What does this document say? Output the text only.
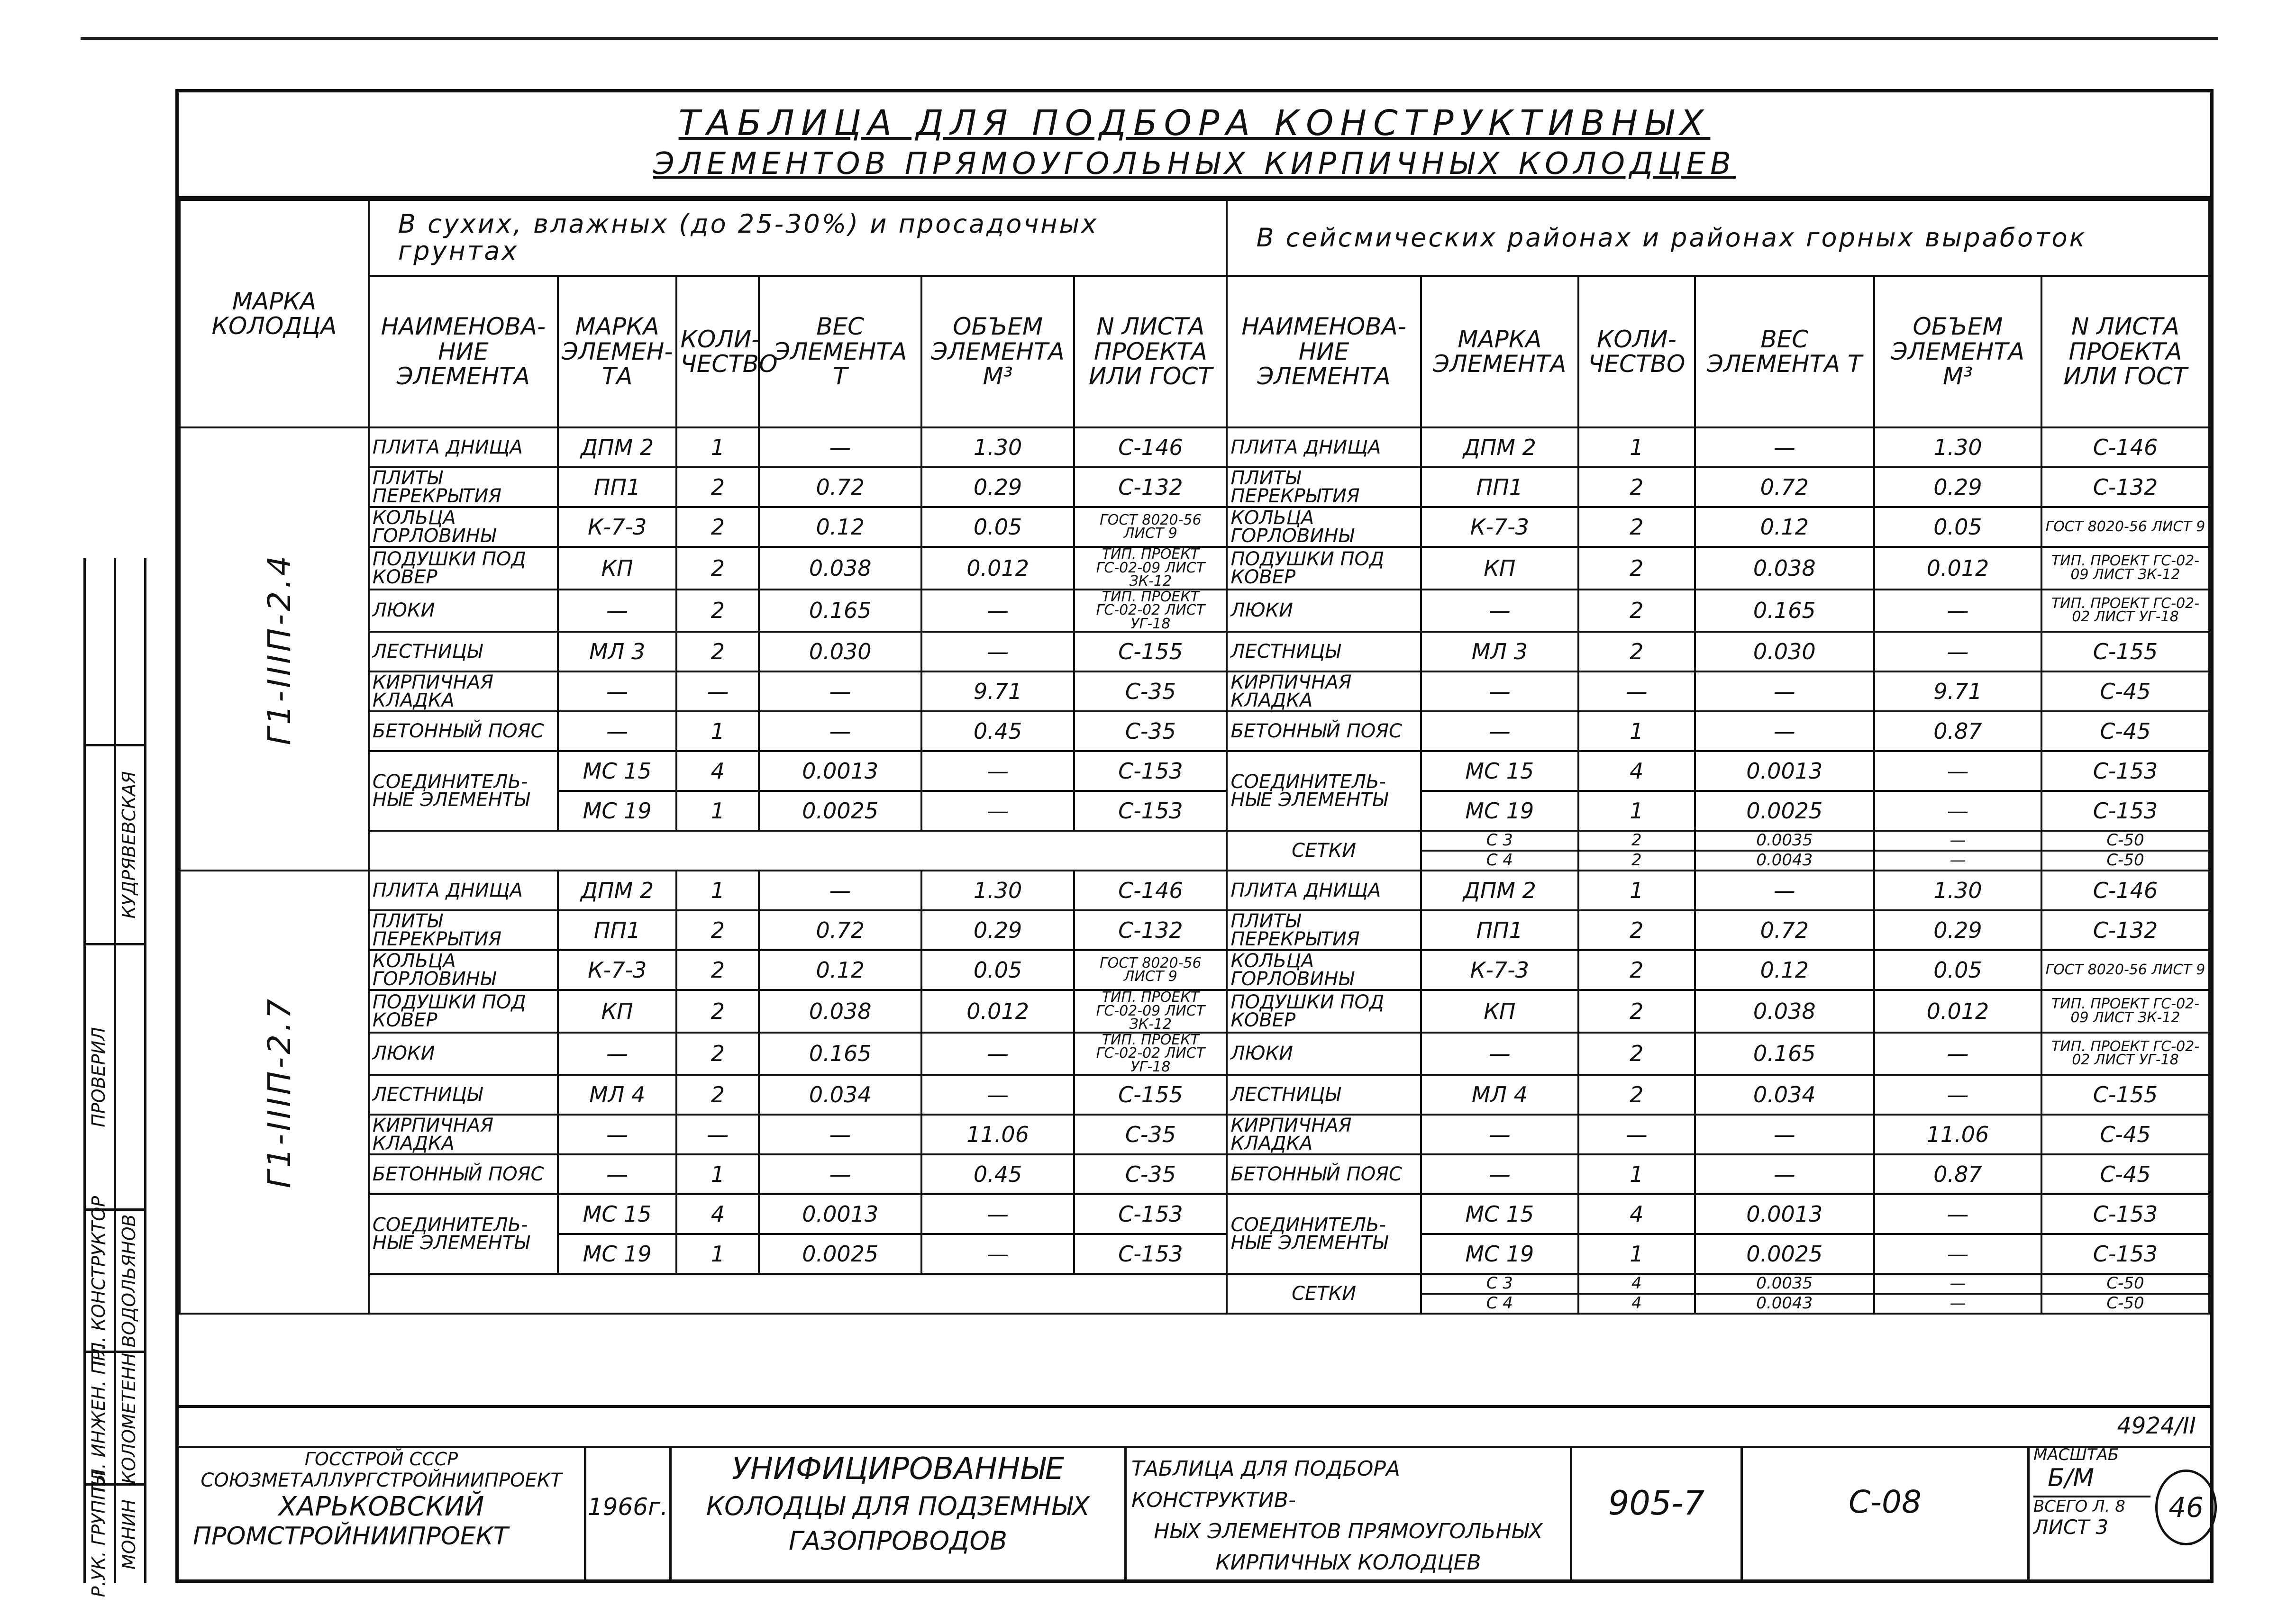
ТАБЛИЦА ДЛЯ ПОДБОРА КОНСТРУКТИВНЫХ
ЭЛЕМЕНТОВ ПРЯМОУГОЛЬНЫХ КИРПИЧНЫХ КОЛОДЦЕВ
МАРКА КОЛОДЦА	В сухих, влажных (до 25-30%) и просадочных грунтах						В сейсмических районах и районах горных выработок					
	НАИМЕНОВА-НИЕ ЭЛЕМЕНТА	МАРКА ЭЛЕМЕН-ТА	КОЛИ-ЧЕСТВО	ВЕС ЭЛЕМЕНТА Т	ОБЪЕМ ЭЛЕМЕНТА М³	N ЛИСТА ПРОЕКТА ИЛИ ГОСТ	НАИМЕНОВА-НИЕ ЭЛЕМЕНТА	МАРКА ЭЛЕМЕНТА	КОЛИ-ЧЕСТВО	ВЕС ЭЛЕМЕНТА Т	ОБЪЕМ ЭЛЕМЕНТА М³	N ЛИСТА ПРОЕКТА ИЛИ ГОСТ
Г1-IIIП-2.4	ПЛИТА ДНИЩА	ДПМ 2	1	—	1.30	С-146	ПЛИТА ДНИЩА	ДПМ 2	1	—	1.30	С-146
	ПЛИТЫ ПЕРЕКРЫТИЯ	ПП1	2	0.72	0.29	С-132	ПЛИТЫ ПЕРЕКРЫТИЯ	ПП1	2	0.72	0.29	С-132
	КОЛЬЦА ГОРЛОВИНЫ	К-7-3	2	0.12	0.05	ГОСТ 8020-56 ЛИСТ 9	КОЛЬЦА ГОРЛОВИНЫ	К-7-3	2	0.12	0.05	ГОСТ 8020-56 ЛИСТ 9
	ПОДУШКИ ПОД КОВЕР	КП	2	0.038	0.012	ТИП. ПРОЕКТ ГС-02-09 ЛИСТ ЗК-12	ПОДУШКИ ПОД КОВЕР	КП	2	0.038	0.012	ТИП. ПРОЕКТ ГС-02-09 ЛИСТ ЗК-12
	ЛЮКИ	—	2	0.165	—	ТИП. ПРОЕКТ ГС-02-02 ЛИСТ УГ-18	ЛЮКИ	—	2	0.165	—	ТИП. ПРОЕКТ ГС-02-02 ЛИСТ УГ-18
	ЛЕСТНИЦЫ	МЛ 3	2	0.030	—	С-155	ЛЕСТНИЦЫ	МЛ 3	2	0.030	—	С-155
	КИРПИЧНАЯ КЛАДКА	—	—	—	9.71	С-35	КИРПИЧНАЯ КЛАДКА	—	—	—	9.71	С-45
	БЕТОННЫЙ ПОЯС	—	1	—	0.45	С-35	БЕТОННЫЙ ПОЯС	—	1	—	0.87	С-45
	СОЕДИНИТЕЛЬ-НЫЕ ЭЛЕМЕНТЫ	МС 15	4	0.0013	—	С-153	СОЕДИНИТЕЛЬ-НЫЕ ЭЛЕМЕНТЫ	МС 15	4	0.0013	—	С-153
		МС 19	1	0.0025	—	С-153		МС 19	1	0.0025	—	С-153
							СЕТКИ	С 3	2	0.0035	—	С-50
								С 4	2	0.0043	—	С-50
Г1-IIIП-2.7	ПЛИТА ДНИЩА	ДПМ 2	1	—	1.30	С-146	ПЛИТА ДНИЩА	ДПМ 2	1	—	1.30	С-146
	ПЛИТЫ ПЕРЕКРЫТИЯ	ПП1	2	0.72	0.29	С-132	ПЛИТЫ ПЕРЕКРЫТИЯ	ПП1	2	0.72	0.29	С-132
	КОЛЬЦА ГОРЛОВИНЫ	К-7-3	2	0.12	0.05	ГОСТ 8020-56 ЛИСТ 9	КОЛЬЦА ГОРЛОВИНЫ	К-7-3	2	0.12	0.05	ГОСТ 8020-56 ЛИСТ 9
	ПОДУШКИ ПОД КОВЕР	КП	2	0.038	0.012	ТИП. ПРОЕКТ ГС-02-09 ЛИСТ ЗК-12	ПОДУШКИ ПОД КОВЕР	КП	2	0.038	0.012	ТИП. ПРОЕКТ ГС-02-09 ЛИСТ ЗК-12
	ЛЮКИ	—	2	0.165	—	ТИП. ПРОЕКТ ГС-02-02 ЛИСТ УГ-18	ЛЮКИ	—	2	0.165	—	ТИП. ПРОЕКТ ГС-02-02 ЛИСТ УГ-18
	ЛЕСТНИЦЫ	МЛ 4	2	0.034	—	С-155	ЛЕСТНИЦЫ	МЛ 4	2	0.034	—	С-155
	КИРПИЧНАЯ КЛАДКА	—	—	—	11.06	С-35	КИРПИЧНАЯ КЛАДКА	—	—	—	11.06	С-45
	БЕТОННЫЙ ПОЯС	—	1	—	0.45	С-35	БЕТОННЫЙ ПОЯС	—	1	—	0.87	С-45
	СОЕДИНИТЕЛЬ-НЫЕ ЭЛЕМЕНТЫ	МС 15	4	0.0013	—	С-153	СОЕДИНИТЕЛЬ-НЫЕ ЭЛЕМЕНТЫ	МС 15	4	0.0013	—	С-153
		МС 19	1	0.0025	—	С-153		МС 19	1	0.0025	—	С-153
							СЕТКИ	С 3	4	0.0035	—	С-50
								С 4	4	0.0043	—	С-50
4924/II
ГОССТРОЙ СССР
СОЮЗМЕТАЛЛУРГСТРОЙНИИПРОЕКТ
ХАРЬКОВСКИЙ
ПРОМСТРОЙНИИПРОЕКТ
1966г.
УНИФИЦИРОВАННЫЕ
КОЛОДЦЫ ДЛЯ ПОДЗЕМНЫХ
ГАЗОПРОВОДОВ
ТАБЛИЦА ДЛЯ ПОДБОРА КОНСТРУКТИВ-
НЫХ ЭЛЕМЕНТОВ ПРЯМОУГОЛЬНЫХ
КИРПИЧНЫХ КОЛОДЦЕВ
905-7	С-08
МАСШТАБ
Б/М
ВСЕГО Л. 8
ЛИСТ 3
46
Р.УК. ГРУППЫ МОНИН
ГЛ. ИНЖЕН. ПР. КОЛОМЕТЕНН
ГЛ. КОНСТРУКТОР ВОДОЛЬЯНОВ
ПРОВЕРИЛ
КУДРЯВЕВСКАЯ
